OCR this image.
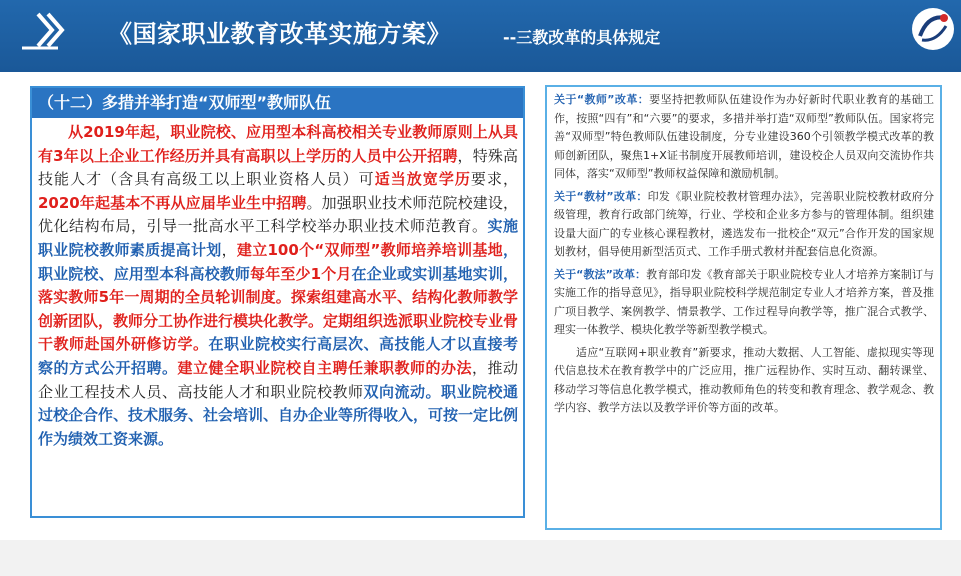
《国家职业教育改革实施方案》	--三教改革的具体规定
（十二）多措并举打造“双师型”教师队伍
从2019年起，职业院校、应用型本科高校相关专业教师原则上从具有3年以上企业工作经历并具有高职以上学历的人员中公开招聘，特殊高技能人才（含具有高级工以上职业资格人员）可适当放宽学历要求，2020年起基本不再从应届毕业生中招聘。加强职业技术师范院校建设，优化结构布局，引导一批高水平工科学校举办职业技术师范教育。实施职业院校教师素质提高计划，建立100个“双师型”教师培养培训基地，职业院校、应用型本科高校教师每年至少1个月在企业或实训基地实训，落实教师5年一周期的全员轮训制度。探索组建高水平、结构化教师教学创新团队，教师分工协作进行模块化教学。定期组织选派职业院校专业骨干教师赴国外研修访学。在职业院校实行高层次、高技能人才以直接考察的方式公开招聘。建立健全职业院校自主聘任兼职教师的办法，推动企业工程技术人员、高技能人才和职业院校教师双向流动。职业院校通过校企合作、技术服务、社会培训、自办企业等所得收入，可按一定比例作为绩效工资来源。

关于“教师”改革：要坚持把教师队伍建设作为办好新时代职业教育的基础工作，按照“四有”和“六要”的要求，多措并举打造“双师型”教师队伍。国家将完善“双师型”特色教师队伍建设制度，分专业建设360个引领教学模式改革的教师创新团队，聚焦1+X证书制度开展教师培训，建设校企人员双向交流协作共同体，落实“双师型”教师权益保障和激励机制。

关于“教材”改革：印发《职业院校教材管理办法》，完善职业院校教材政府分级管理，教育行政部门统筹，行业、学校和企业多方参与的管理体制。组织建设量大面广的专业核心课程教材，遴选发布一批校企“双元”合作开发的国家规划教材，倡导使用新型活页式、工作手册式教材并配套信息化资源。

关于“教法”改革：教育部印发《教育部关于职业院校专业人才培养方案制订与实施工作的指导意见》，指导职业院校科学规范制定专业人才培养方案，普及推广项目教学、案例教学、情景教学、工作过程导向教学等，推广混合式教学、理实一体教学、模块化教学等新型教学模式。

适应“互联网+职业教育”新要求，推动大数据、人工智能、虚拟现实等现代信息技术在教育教学中的广泛应用，推广远程协作、实时互动、翻转课堂、移动学习等信息化教学模式，推动教师角色的转变和教育理念、教学观念、教学内容、教学方法以及教学评价等方面的改革。
